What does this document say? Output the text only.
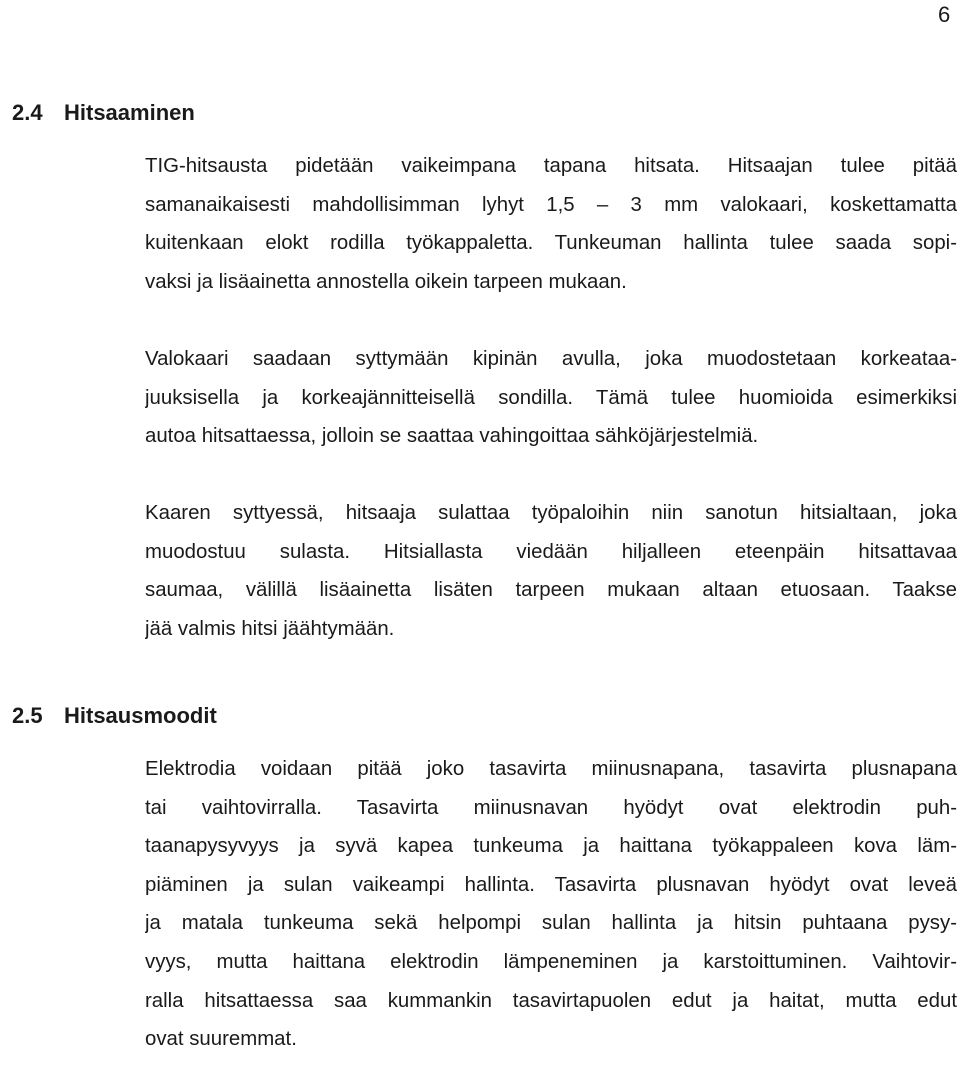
6
2.4 Hitsaaminen
TIG-hitsausta pidetään vaikeimpana tapana hitsata. Hitsaajan tulee pitää
samanaikaisesti mahdollisimman lyhyt 1,5 – 3 mm valokaari, koskettamatta
kuitenkaan elokt rodilla työkappaletta. Tunkeuman hallinta tulee saada sopi-
vaksi ja lisäainetta annostella oikein tarpeen mukaan.
Valokaari saadaan syttymään kipinän avulla, joka muodostetaan korkeataa-
juuksisella ja korkeajännitteisellä sondilla. Tämä tulee huomioida esimerkiksi
autoa hitsattaessa, jolloin se saattaa vahingoittaa sähköjärjestelmiä.
Kaaren syttyessä, hitsaaja sulattaa työpaloihin niin sanotun hitsialtaan, joka
muodostuu sulasta. Hitsiallasta viedään hiljalleen eteenpäin hitsattavaa
saumaa, välillä lisäainetta lisäten tarpeen mukaan altaan etuosaan. Taakse
jää valmis hitsi jäähtymään.
2.5 Hitsausmoodit
Elektrodia voidaan pitää joko tasavirta miinusnapana, tasavirta plusnapana
tai vaihtovirralla. Tasavirta miinusnavan hyödyt ovat elektrodin puh-
taanapysyvyys ja syvä kapea tunkeuma ja haittana työkappaleen kova läm-
piäminen ja sulan vaikeampi hallinta. Tasavirta plusnavan hyödyt ovat leveä
ja matala tunkeuma sekä helpompi sulan hallinta ja hitsin puhtaana pysy-
vyys, mutta haittana elektrodin lämpeneminen ja karstoittuminen. Vaihtovir-
ralla hitsattaessa saa kummankin tasavirtapuolen edut ja haitat, mutta edut
ovat suuremmat.
